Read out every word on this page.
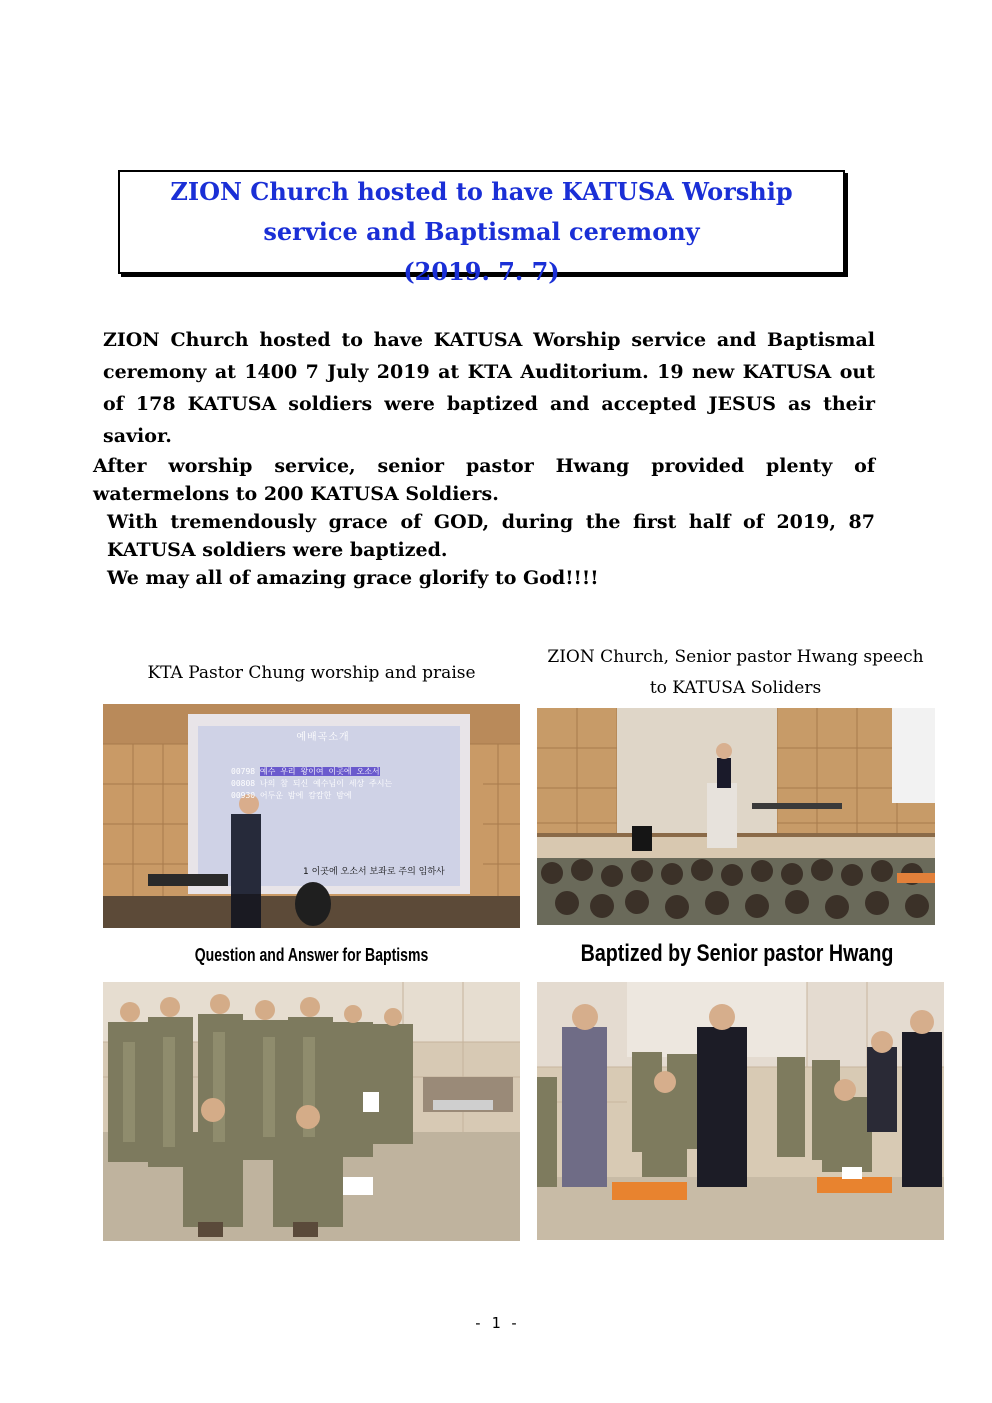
ZION Church hosted to have KATUSA Worship
service and Baptismal ceremony
(2019. 7. 7)

ZION Church hosted to have KATUSA Worship service and Baptismal ceremony at 1400 7 July 2019 at KTA Auditorium. 19 new KATUSA out of 178 KATUSA soldiers were baptized and accepted JESUS as their savior.

After worship service, senior pastor Hwang provided plenty of watermelons to 200 KATUSA Soldiers.

With tremendously grace of GOD, during the first half of 2019, 87 KATUSA soldiers were baptized.

We may all of amazing grace glorify to God!!!!

KTA Pastor Chung worship and praise
ZION Church, Senior pastor Hwang speech
to KATUSA Soliders
Question and Answer for Baptisms	Baptized by Senior pastor Hwang
예배곡소개
00798 예수 우리 왕이여 이곳에 오소서
00808 나의 참 되신 예수님이 세상 주시는
00930 어두운 밤에 캄캄한 밤에
1 이곳에 오소서 보좌로 주의 임하사
- 1 -
